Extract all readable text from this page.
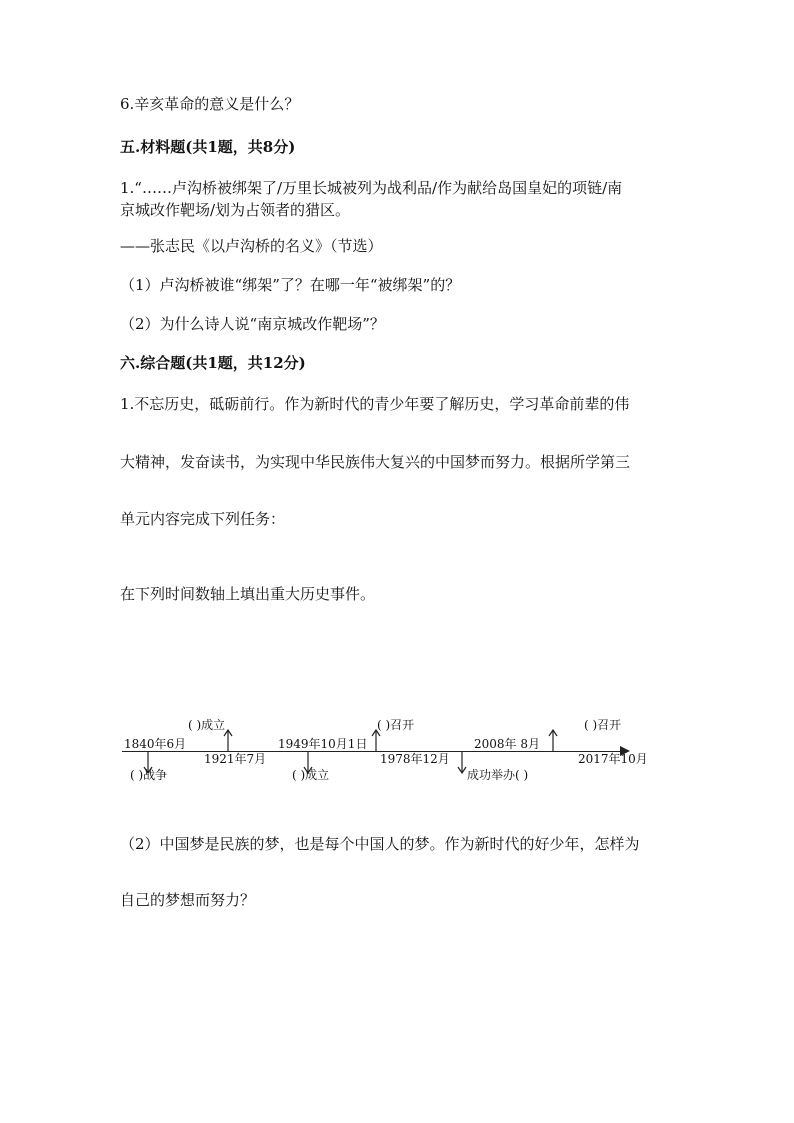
6.辛亥革命的意义是什么？
五.材料题(共1题，共8分)
1.“……卢沟桥被绑架了/万里长城被列为战利品/作为献给岛国皇妃的项链/南
京城改作靶场/划为占领者的猎区。
——张志民《以卢沟桥的名义》（节选）
（1）卢沟桥被谁“绑架”了？在哪一年“被绑架”的？
（2）为什么诗人说“南京城改作靶场”？
六.综合题(共1题，共12分)
1.不忘历史，砥砺前行。作为新时代的青少年要了解历史，学习革命前辈的伟
大精神，发奋读书，为实现中华民族伟大复兴的中国梦而努力。根据所学第三
单元内容完成下列任务：
在下列时间数轴上填出重大历史事件。
( )成立	( )召开	( )召开
1840年6月	1949年10月1日	2008年 8月
1921年7月	1978年12月	2017年10月
( )战争	( )成立	成功举办( )
（2）中国梦是民族的梦，也是每个中国人的梦。作为新时代的好少年，怎样为
自己的梦想而努力？
